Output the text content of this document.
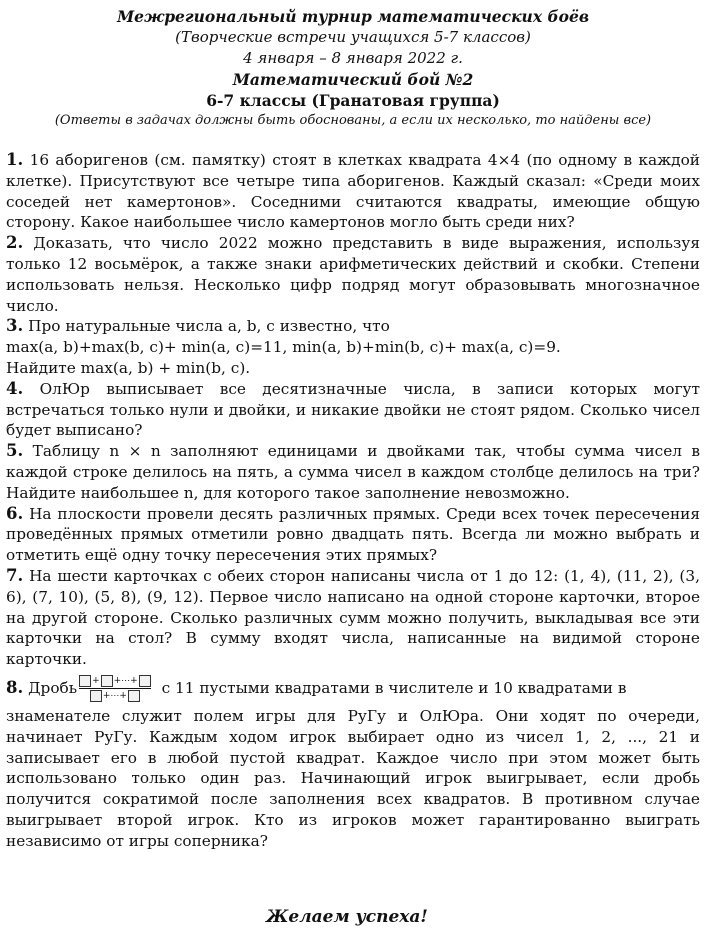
Межрегиональный турнир математических боёв
(Творческие встречи учащихся 5-7 классов)
4 января – 8 января 2022 г.
Математический бой №2
6-7 классы (Гранатовая группа)
(Ответы в задачах должны быть обоснованы, а если их несколько, то найдены все)

1. 16 аборигенов (см. памятку) стоят в клетках квадрата 4×4 (по одному в каждой клетке). Присутствуют все четыре типа аборигенов. Каждый сказал: «Среди моих соседей нет камертонов». Соседними считаются квадраты, имеющие общую сторону. Какое наибольшее число камертонов могло быть среди них?

2. Доказать, что число 2022 можно представить в виде выражения, используя только 12 восьмёрок, а также знаки арифметических действий и скобки. Степени использовать нельзя. Несколько цифр подряд могут образовывать многозначное число.

3. Про натуральные числа a, b, c известно, что
max(a, b)+max(b, c)+ min(a, c)=11, min(a, b)+min(b, c)+ max(a, c)=9.
Найдите max(a, b) + min(b, c).

4. ОлЮр выписывает все десятизначные числа, в записи которых могут встречаться только нули и двойки, и никакие двойки не стоят рядом. Сколько чисел будет выписано?

5. Таблицу n × n заполняют единицами и двойками так, чтобы сумма чисел в каждой строке делилось на пять, а сумма чисел в каждом столбце делилось на три? Найдите наибольшее n, для которого такое заполнение невозможно.

6. На плоскости провели десять различных прямых. Среди всех точек пересечения проведённых прямых отметили ровно двадцать пять. Всегда ли можно выбрать и отметить ещё одну точку пересечения этих прямых?

7. На шести карточках с обеих сторон написаны числа от 1 до 12: (1, 4), (11, 2), (3, 6), (7, 10), (5, 8), (9, 12). Первое число написано на одной стороне карточки, второе на другой стороне. Сколько различных сумм можно получить, выкладывая все эти карточки на стол? В сумму входят числа, написанные на видимой стороне карточки.

8. Дробь $\frac{+ +\cdots+}{+\cdots+}$ с 11 пустыми квадратами в числителе и 10 квадратами в
знаменателе служит полем игры для РуГу и ОлЮра. Они ходят по очереди, начинает РуГу. Каждым ходом игрок выбирает одно из чисел 1, 2, ..., 21 и записывает его в любой пустой квадрат. Каждое число при этом может быть использовано только один раз. Начинающий игрок выигрывает, если дробь получится сократимой после заполнения всех квадратов. В противном случае выигрывает второй игрок. Кто из игроков может гарантированно выиграть независимо от игры соперника?
Желаем успеха!
